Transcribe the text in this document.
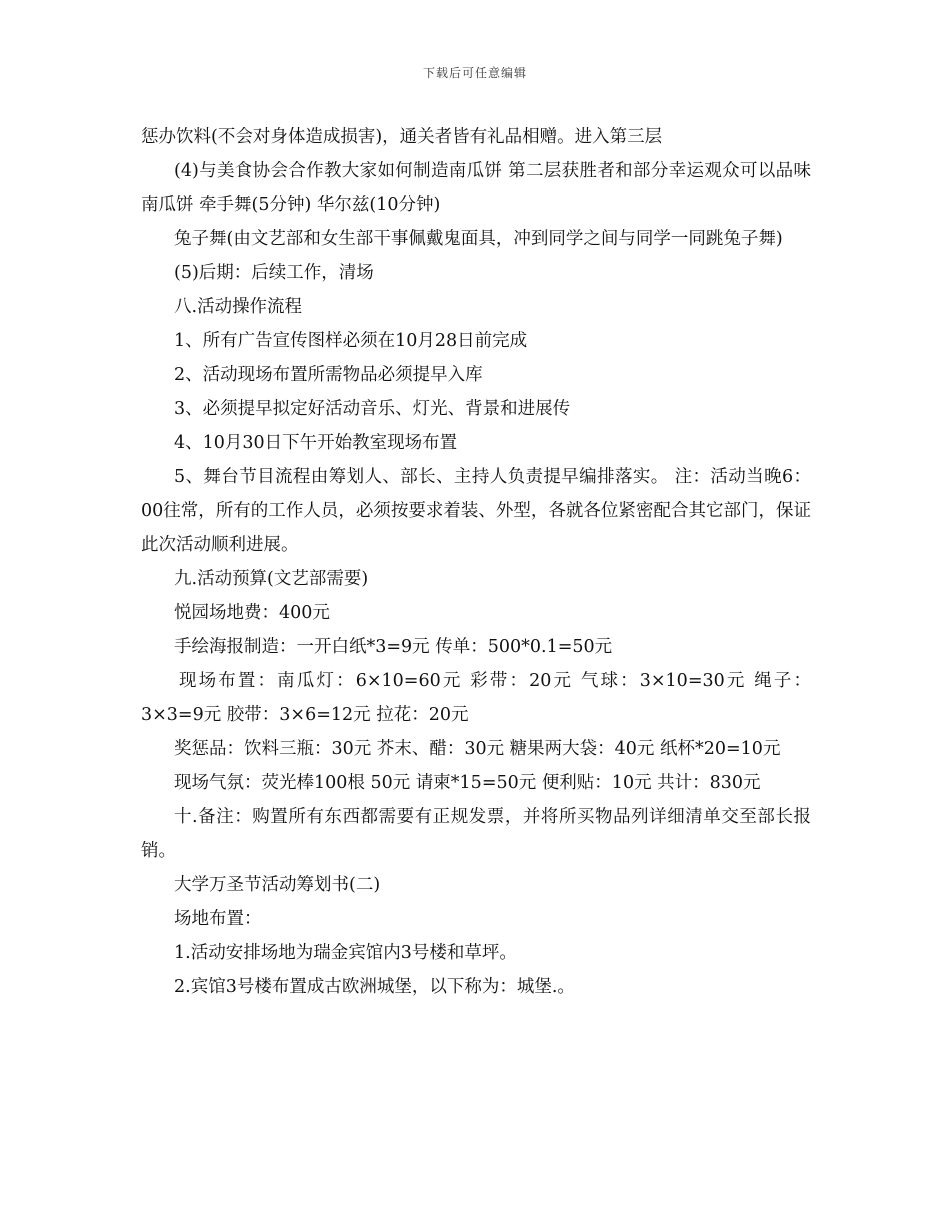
下载后可任意编辑

惩办饮料(不会对身体造成损害)，通关者皆有礼品相赠。进入第三层

(4)与美食协会合作教大家如何制造南瓜饼 第二层获胜者和部分幸运观众可以品味南瓜饼 牵手舞(5分钟) 华尔兹(10分钟)

兔子舞(由文艺部和女生部干事佩戴鬼面具，冲到同学之间与同学一同跳兔子舞)

(5)后期：后续工作，清场

八.活动操作流程

1、所有广告宣传图样必须在10月28日前完成

2、活动现场布置所需物品必须提早入库

3、必须提早拟定好活动音乐、灯光、背景和进展传

4、10月30日下午开始教室现场布置

5、舞台节目流程由筹划人、部长、主持人负责提早编排落实。 注：活动当晚6：00往常，所有的工作人员，必须按要求着装、外型，各就各位紧密配合其它部门，保证此次活动顺利进展。

九.活动预算(文艺部需要)

悦园场地费：400元

手绘海报制造：一开白纸*3=9元 传单：500*0.1=50元

现场布置：南瓜灯：6×10=60元 彩带：20元 气球：3×10=30元 绳子：3×3=9元 胶带：3×6=12元 拉花：20元

奖惩品：饮料三瓶：30元 芥末、醋：30元 糖果两大袋：40元 纸杯*20=10元

现场气氛：荧光棒100根 50元 请柬*15=50元 便利贴：10元 共计：830元

十.备注：购置所有东西都需要有正规发票，并将所买物品列详细清单交至部长报销。

大学万圣节活动筹划书(二)

场地布置：

1.活动安排场地为瑞金宾馆内3号楼和草坪。

2.宾馆3号楼布置成古欧洲城堡，以下称为：城堡.。
